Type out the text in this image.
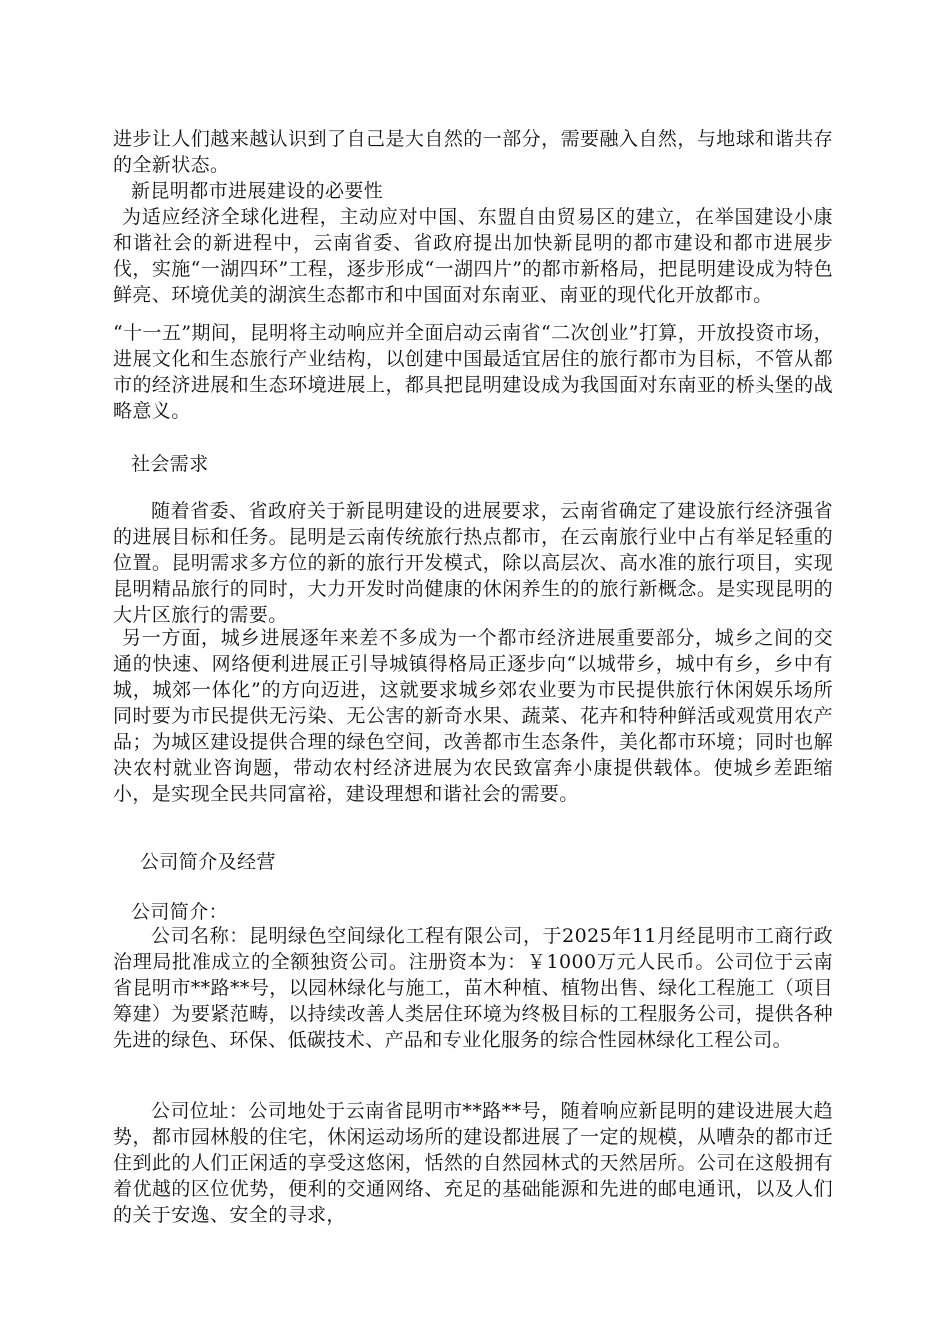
进步让人们越来越认识到了自己是大自然的一部分，需要融入自然，与地球和谐共存的全新状态。

新昆明都市进展建设的必要性

为适应经济全球化进程，主动应对中国、东盟自由贸易区的建立，在举国建设小康和谐社会的新进程中，云南省委、省政府提出加快新昆明的都市建设和都市进展步伐，实施“一湖四环”工程，逐步形成“一湖四片”的都市新格局，把昆明建设成为特色鲜亮、环境优美的湖滨生态都市和中国面对东南亚、南亚的现代化开放都市。

“十一五”期间，昆明将主动响应并全面启动云南省“二次创业”打算，开放投资市场，进展文化和生态旅行产业结构，以创建中国最适宜居住的旅行都市为目标，不管从都市的经济进展和生态环境进展上，都具把昆明建设成为我国面对东南亚的桥头堡的战略意义。

社会需求

随着省委、省政府关于新昆明建设的进展要求，云南省确定了建设旅行经济强省的进展目标和任务。昆明是云南传统旅行热点都市，在云南旅行业中占有举足轻重的位置。昆明需求多方位的新的旅行开发模式，除以高层次、高水准的旅行项目，实现昆明精品旅行的同时，大力开发时尚健康的休闲养生的的旅行新概念。是实现昆明的大片区旅行的需要。

另一方面，城乡进展逐年来差不多成为一个都市经济进展重要部分，城乡之间的交通的快速、网络便利进展正引导城镇得格局正逐步向“以城带乡，城中有乡，乡中有城，城郊一体化”的方向迈进，这就要求城乡郊农业要为市民提供旅行休闲娱乐场所同时要为市民提供无污染、无公害的新奇水果、蔬菜、花卉和特种鲜活或观赏用农产品；为城区建设提供合理的绿色空间，改善都市生态条件，美化都市环境；同时也解决农村就业咨询题，带动农村经济进展为农民致富奔小康提供载体。使城乡差距缩小，是实现全民共同富裕，建设理想和谐社会的需要。

公司简介及经营

公司简介：

公司名称：昆明绿色空间绿化工程有限公司，于2025年11月经昆明市工商行政治理局批准成立的全额独资公司。注册资本为：￥1000万元人民币。公司位于云南省昆明市**路**号，以园林绿化与施工，苗木种植、植物出售、绿化工程施工（项目筹建）为要紧范畴，以持续改善人类居住环境为终极目标的工程服务公司，提供各种先进的绿色、环保、低碳技术、产品和专业化服务的综合性园林绿化工程公司。

公司位址：公司地处于云南省昆明市**路**号，随着响应新昆明的建设进展大趋势，都市园林般的住宅，休闲运动场所的建设都进展了一定的规模，从嘈杂的都市迁住到此的人们正闲适的享受这悠闲，恬然的自然园林式的天然居所。公司在这般拥有着优越的区位优势，便利的交通网络、充足的基础能源和先进的邮电通讯，以及人们的关于安逸、安全的寻求，
